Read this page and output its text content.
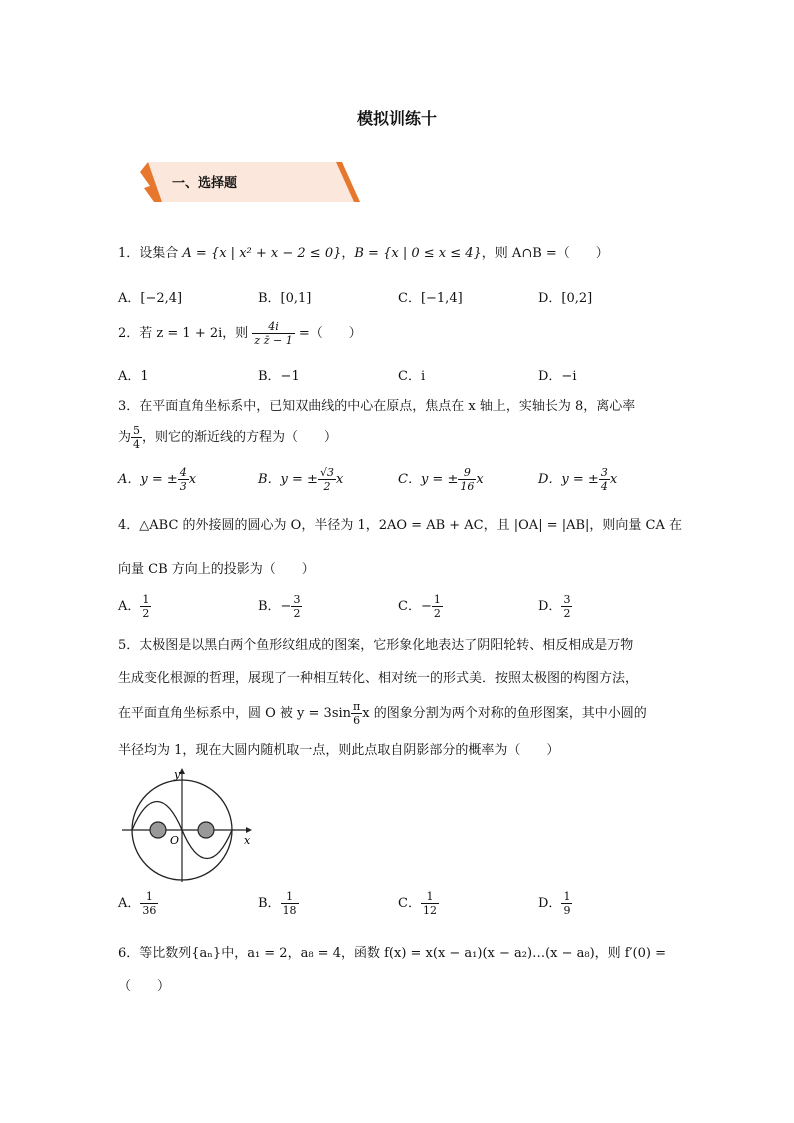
模拟训练十
一、选择题
1．设集合 A = {x | x² + x − 2 ≤ 0}，B = {x | 0 ≤ x ≤ 4}，则 A∩B =（　　）
A．[−2,4]	B．[0,1]	C．[−1,4]	D．[0,2]
2．若 z = 1 + 2i，则 $\frac{4i}{\text{z z̄ − 1}}$ =（　　）
A．1	B．−1	C．i	D．−i
3．在平面直角坐标系中，已知双曲线的中心在原点，焦点在 x 轴上，实轴长为 8，离心率
为 $\frac{5}{4}$ ，则它的渐近线的方程为（　　）
A．y = ± $\frac{4}{3}$ x	B．y = ± $\frac{√3}{2}$ x	C．y = ± $\frac{9}{16}$ x	D．y = ± $\frac{3}{4}$ x
4．△ABC 的外接圆的圆心为 O，半径为 1，2AO = AB + AC，且 |OA| = |AB|，则向量 CA 在
向量 CB 方向上的投影为（　　）
A． $\frac{1}{2}$	B．− $\frac{3}{2}$	C．− $\frac{1}{2}$	D． $\frac{3}{2}$
5．太极图是以黑白两个鱼形纹组成的图案，它形象化地表达了阴阳轮转、相反相成是万物
生成变化根源的哲理，展现了一种相互转化、相对统一的形式美．按照太极图的构图方法，
在平面直角坐标系中，圆 O 被 $y = 3\sin \frac{\pi}{6}$ x 的图象分割为两个对称的鱼形图案，其中小圆的
半径均为 1，现在大圆内随机取一点，则此点取自阴影部分的概率为（　　）
y
x
O
A． $\frac{1}{36}$	B． $\frac{1}{18}$	C． $\frac{1}{12}$	D． $\frac{1}{9}$
6．等比数列{aₙ}中，a₁ = 2，a₈ = 4，函数 f(x) = x(x − a₁)(x − a₂)…(x − a₈)，则 f′(0) =
（　　）
